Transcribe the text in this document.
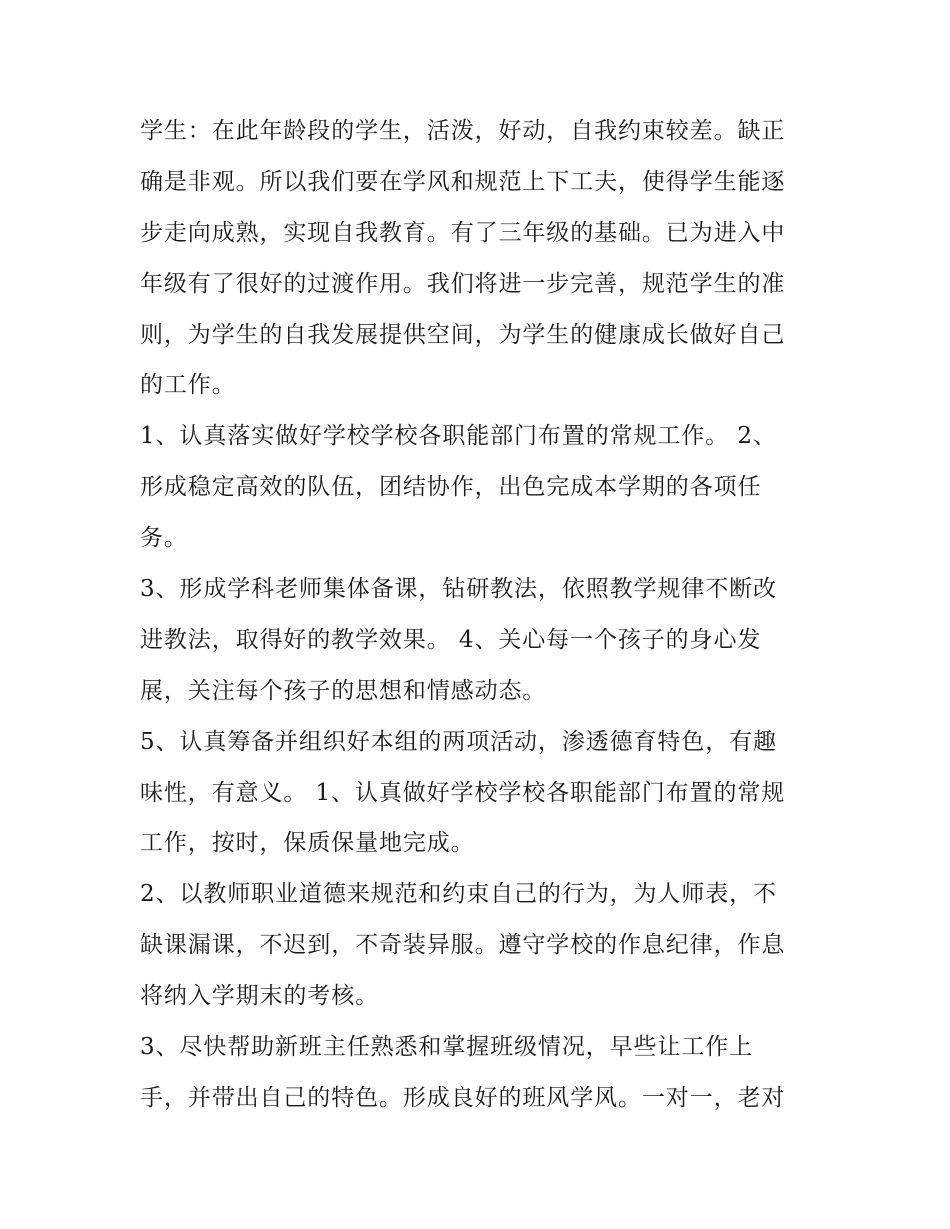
学生：在此年龄段的学生，活泼，好动，自我约束较差。缺正
确是非观。所以我们要在学风和规范上下工夫，使得学生能逐
步走向成熟，实现自我教育。有了三年级的基础。已为进入中
年级有了很好的过渡作用。我们将进一步完善，规范学生的准
则，为学生的自我发展提供空间，为学生的健康成长做好自己
的工作。
1、认真落实做好学校学校各职能部门布置的常规工作。 2、
形成稳定高效的队伍，团结协作，出色完成本学期的各项任
务。
3、形成学科老师集体备课，钻研教法，依照教学规律不断改
进教法，取得好的教学效果。 4、关心每一个孩子的身心发
展，关注每个孩子的思想和情感动态。
5、认真筹备并组织好本组的两项活动，渗透德育特色，有趣
味性，有意义。 1、认真做好学校学校各职能部门布置的常规
工作，按时，保质保量地完成。
2、以教师职业道德来规范和约束自己的行为，为人师表，不
缺课漏课，不迟到，不奇装异服。遵守学校的作息纪律，作息
将纳入学期末的考核。
3、尽快帮助新班主任熟悉和掌握班级情况，早些让工作上
手，并带出自己的特色。形成良好的班风学风。一对一，老对
